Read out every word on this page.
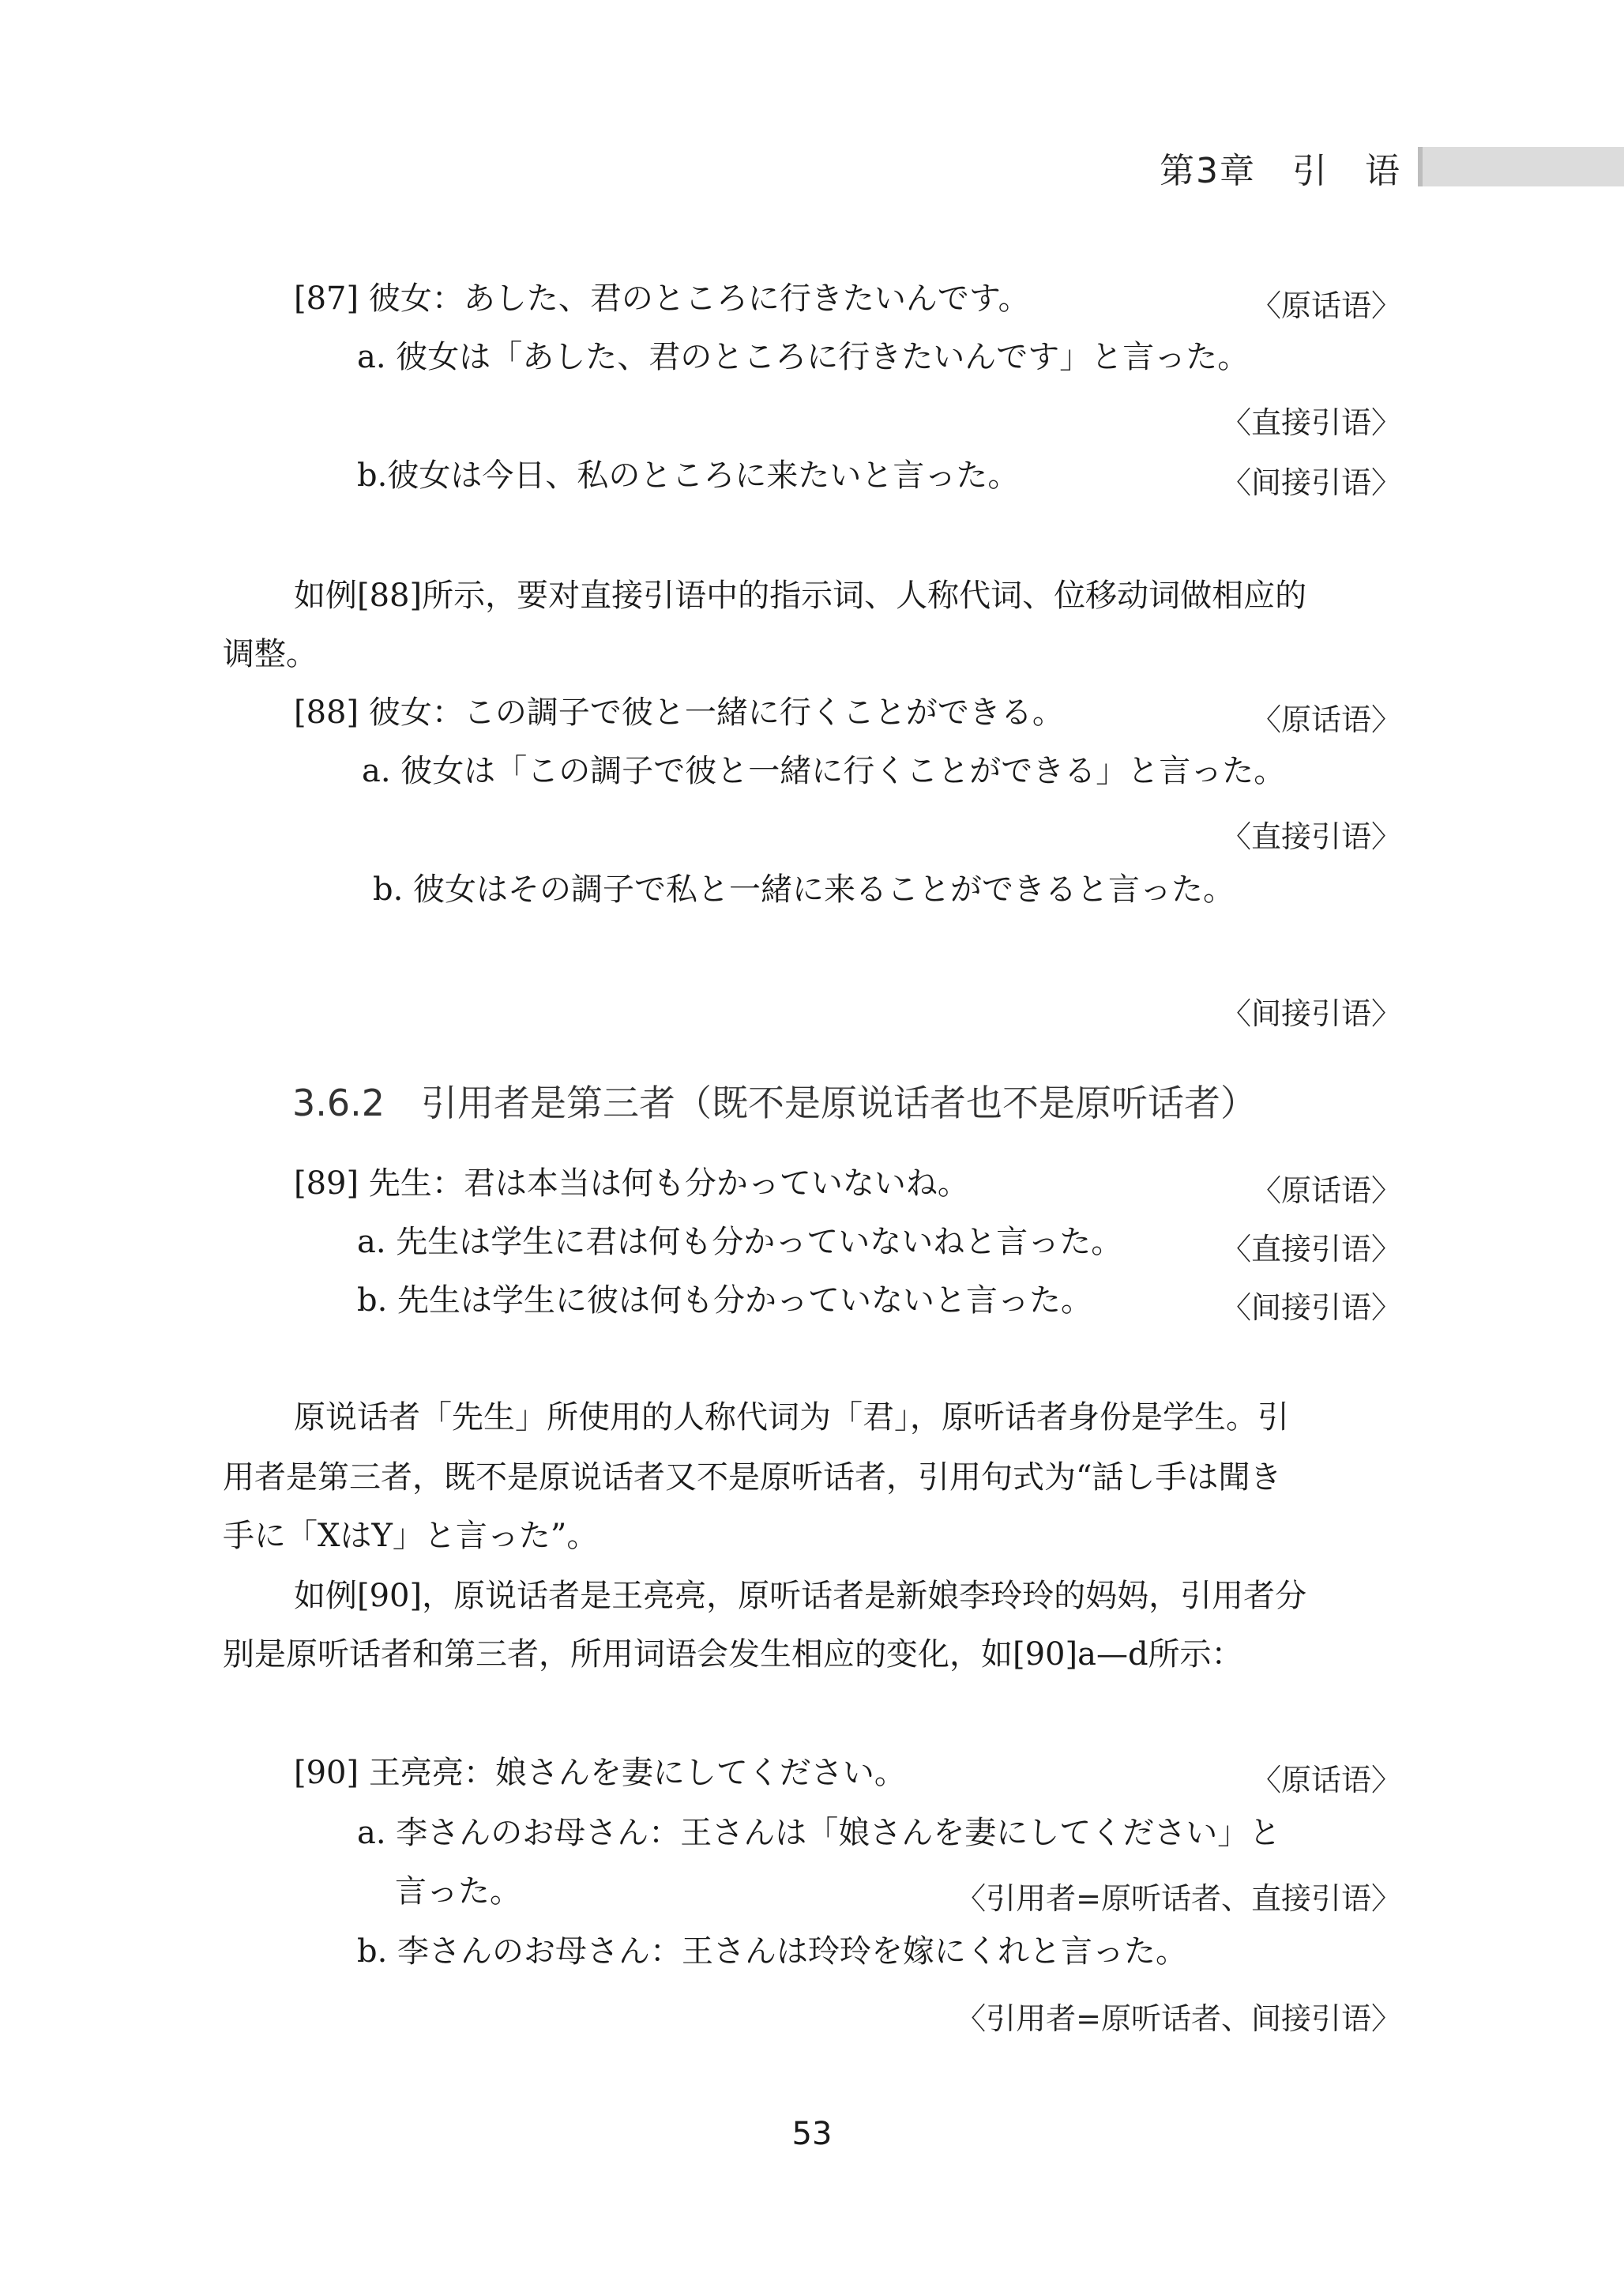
第3章　引　语
[87] 彼女：あした、君のところに行きたいんです。	〈原话语〉
a. 彼女は「あした、君のところに行きたいんです」と言った。
〈直接引语〉
b.彼女は今日、私のところに来たいと言った。	〈间接引语〉
如例[88]所示，要对直接引语中的指示词、人称代词、位移动词做相应的
调整。
[88] 彼女：この調子で彼と一緒に行くことができる。	〈原话语〉
a. 彼女は「この調子で彼と一緒に行くことができる」と言った。
〈直接引语〉
b. 彼女はその調子で私と一緒に来ることができると言った。
〈间接引语〉
3.6.2　引用者是第三者（既不是原说话者也不是原听话者）
[89] 先生：君は本当は何も分かっていないね。	〈原话语〉
a. 先生は学生に君は何も分かっていないねと言った。	〈直接引语〉
b. 先生は学生に彼は何も分かっていないと言った。	〈间接引语〉
原说话者「先生」所使用的人称代词为「君」，原听话者身份是学生。引
用者是第三者，既不是原说话者又不是原听话者，引用句式为“話し手は聞き
手に「XはY」と言った”。
如例[90]，原说话者是王亮亮，原听话者是新娘李玲玲的妈妈，引用者分
别是原听话者和第三者，所用词语会发生相应的变化，如[90]a—d所示：
[90] 王亮亮：娘さんを妻にしてください。	〈原话语〉
a. 李さんのお母さん：王さんは「娘さんを妻にしてください」と
言った。	〈引用者=原听话者、直接引语〉
b. 李さんのお母さん：王さんは玲玲を嫁にくれと言った。
〈引用者=原听话者、间接引语〉
53
